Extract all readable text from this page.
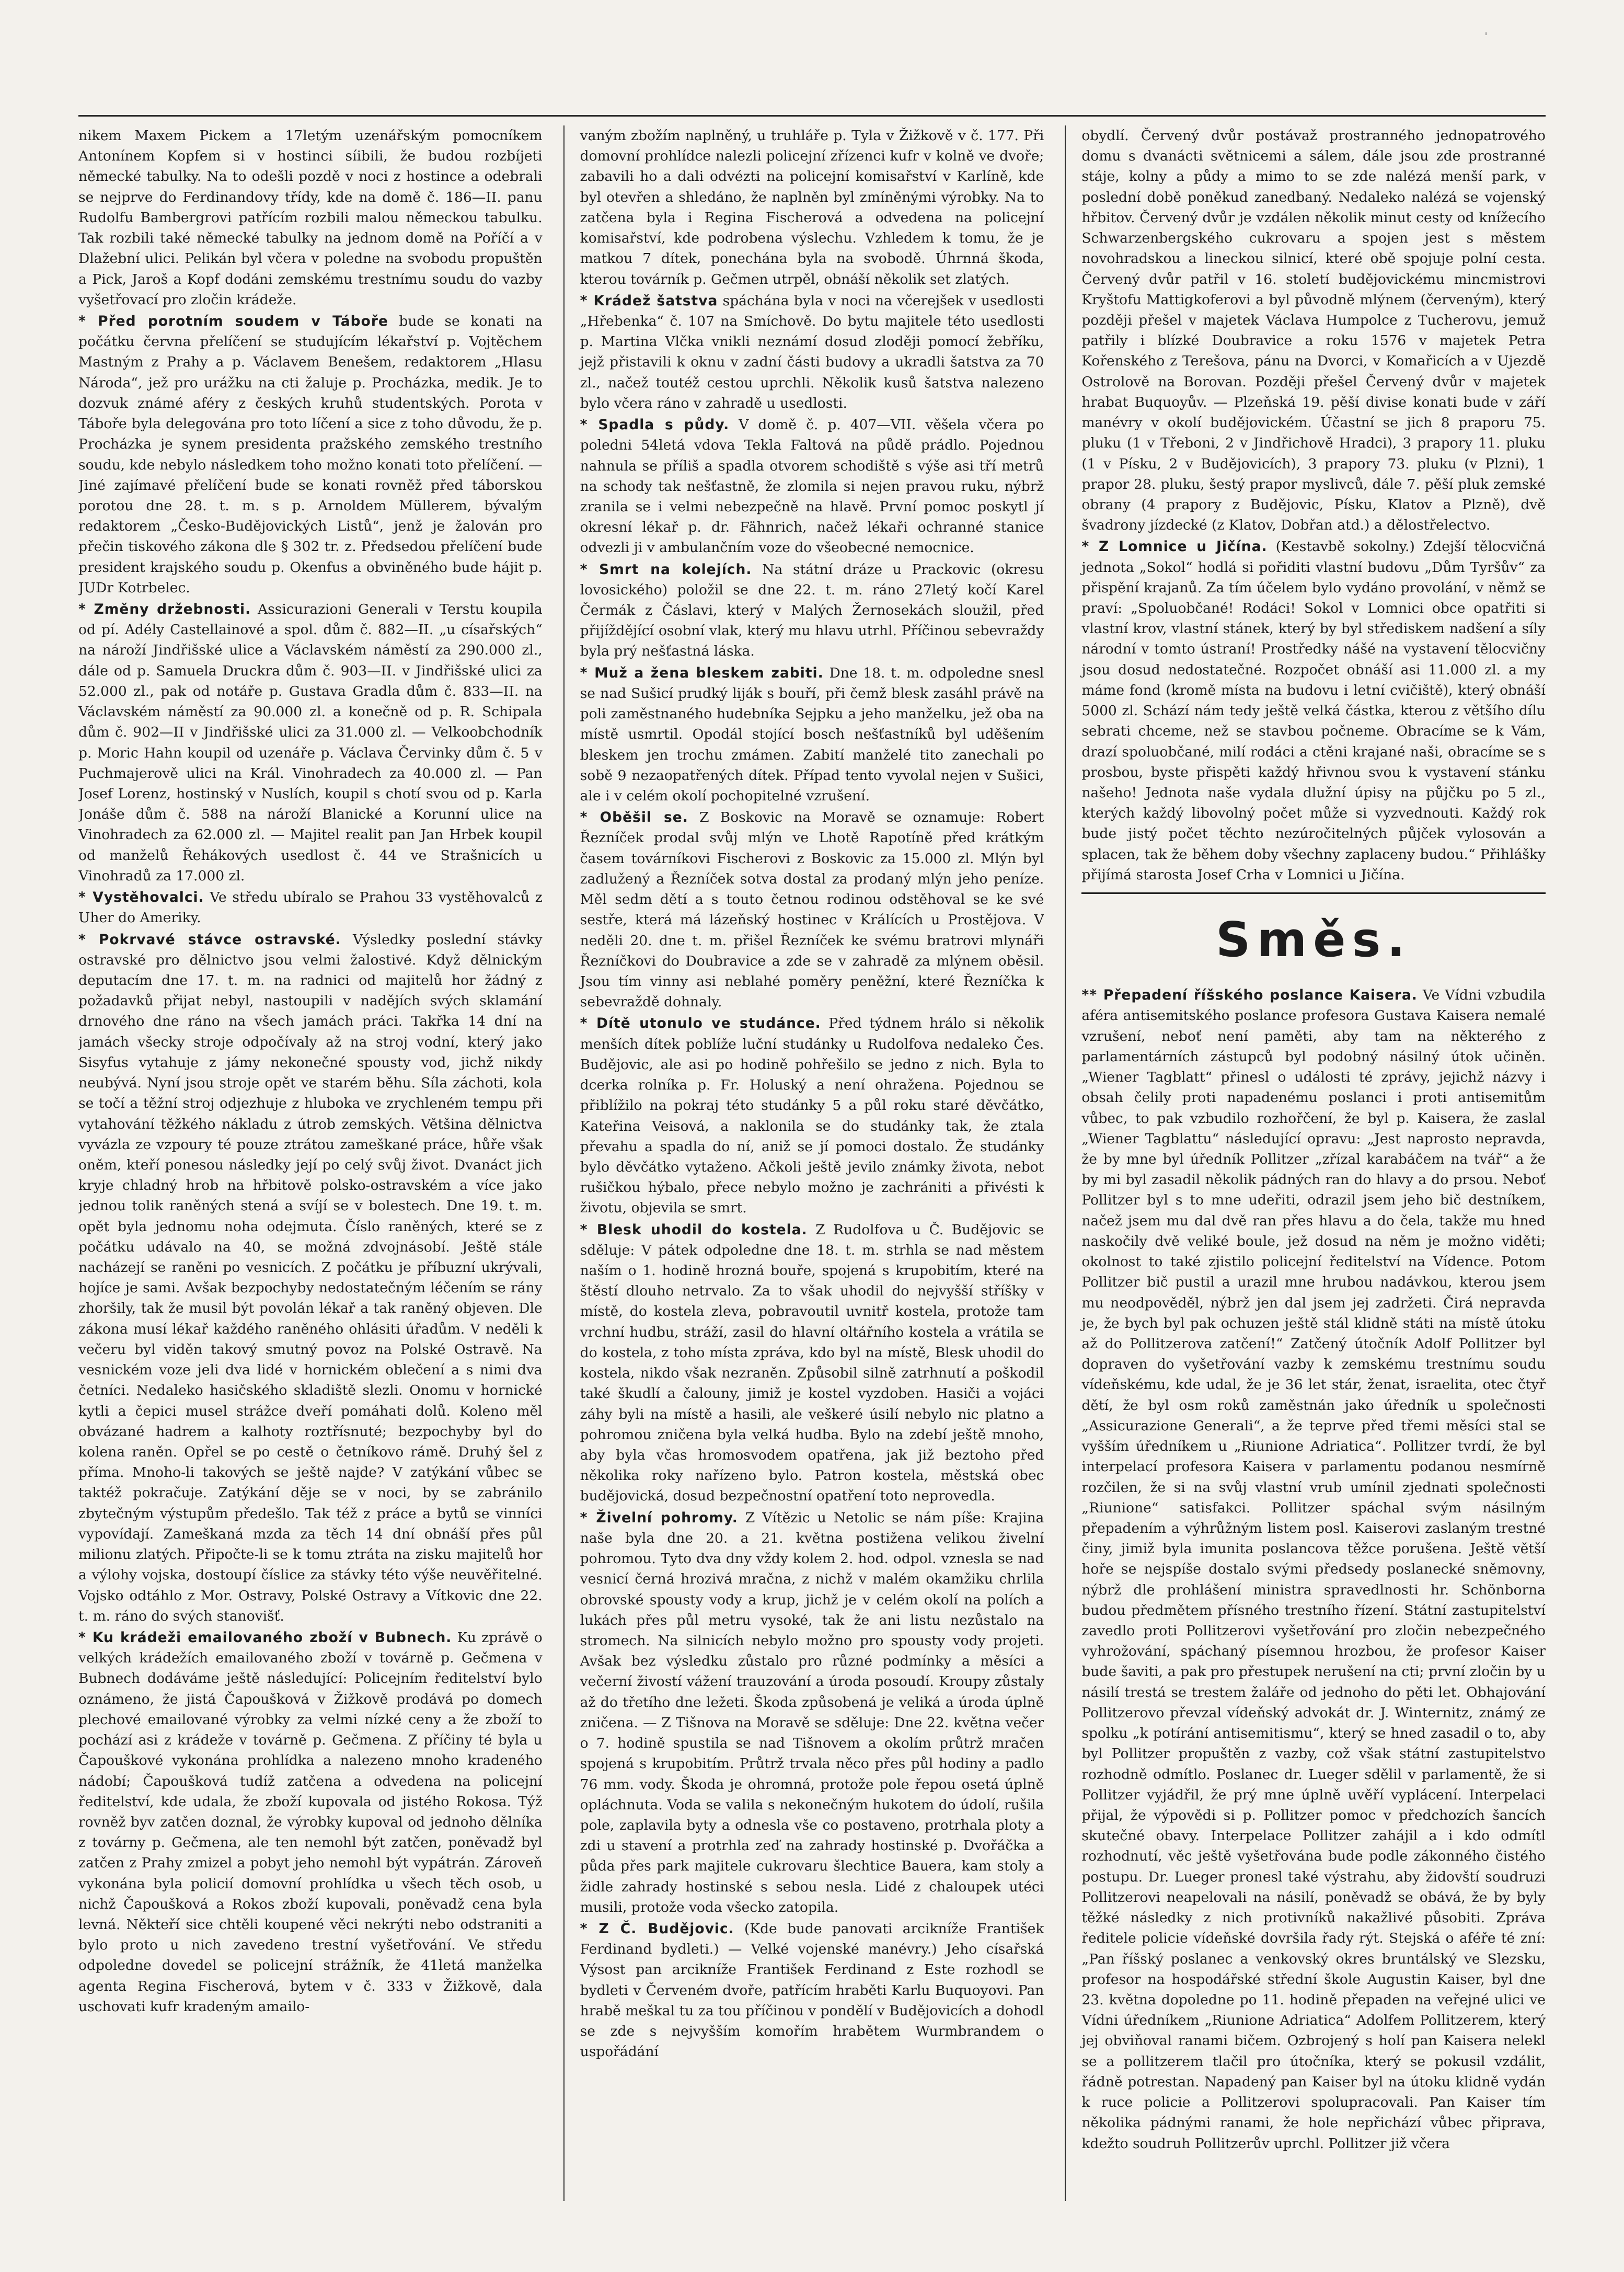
ˈ

nikem Maxem Pickem a 17letým uzenářským pomocníkem Antonínem Kopfem si v hostinci síibili, že budou rozbíjeti německé tabulky. Na to odešli pozdě v noci z hostince a odebrali se nejprve do Ferdinandovy třídy, kde na domě č. 186—II. panu Rudolfu Bambergrovi patřícím rozbili malou německou tabulku. Tak rozbili také německé tabulky na jednom domě na Poříčí a v Dlažební ulici. Pelikán byl včera v poledne na svobodu propuštěn a Pick, Jaroš a Kopf dodáni zemskému trestnímu soudu do vazby vyšetřovací pro zločin krádeže.

* Před porotním soudem v Táboře bude se konati na počátku června přelíčení se studujícím lékařství p. Vojtěchem Mastným z Prahy a p. Václavem Benešem, redaktorem „Hlasu Národa“, jež pro urážku na cti žaluje p. Procházka, medik. Je to dozvuk známé aféry z českých kruhů studentských. Porota v Táboře byla delegována pro toto líčení a sice z toho důvodu, že p. Procházka je synem presidenta pražského zemského trestního soudu, kde nebylo následkem toho možno konati toto přelíčení. — Jiné zajímavé přelíčení bude se konati rovněž před táborskou porotou dne 28. t. m. s p. Arnoldem Müllerem, bývalým redaktorem „Česko-Budějovických Listů“, jenž je žalován pro přečin tiskového zákona dle § 302 tr. z. Předsedou přelíčení bude president krajského soudu p. Okenfus a obviněného bude hájit p. JUDr Kotrbelec.

* Změny držebnosti. Assicurazioni Generali v Terstu koupila od pí. Adély Castellainové a spol. dům č. 882—II. „u císařských“ na nároží Jindřišské ulice a Václavském náměstí za 290.000 zl., dále od p. Samuela Druckra dům č. 903—II. v Jindřišské ulici za 52.000 zl., pak od notáře p. Gustava Gradla dům č. 833—II. na Václavském náměstí za 90.000 zl. a konečně od p. R. Schipala dům č. 902—II v Jindřišské ulici za 31.000 zl. — Velkoobchodník p. Moric Hahn koupil od uzenáře p. Václava Červinky dům č. 5 v Puchmajerově ulici na Král. Vinohradech za 40.000 zl. — Pan Josef Lorenz, hostinský v Nuslích, koupil s chotí svou od p. Karla Jonáše dům č. 588 na nároží Blanické a Korunní ulice na Vinohradech za 62.000 zl. — Majitel realit pan Jan Hrbek koupil od manželů Řehákových usedlost č. 44 ve Strašnicích u Vinohradů za 17.000 zl.

* Vystěhovalci. Ve středu ubíralo se Prahou 33 vystěhovalců z Uher do Ameriky.

* Pokrvavé stávce ostravské. Výsledky poslední stávky ostravské pro dělnictvo jsou velmi žalostivé. Když dělnickým deputacím dne 17. t. m. na radnici od majitelů hor žádný z požadavků přijat nebyl, nastoupili v nadějích svých sklamání drnového dne ráno na všech jamách práci. Takřka 14 dní na jamách všecky stroje odpočívaly až na stroj vodní, který jako Sisyfus vytahuje z jámy nekonečné spousty vod, jichž nikdy neubývá. Nyní jsou stroje opět ve starém běhu. Síla záchoti, kola se točí a těžní stroj odjezhuje z hlubokа ve zrychleném tempu při vytahování těžkého nákladu z útrob zemských. Většina dělnictva vyvázla ze vzpoury té pouze ztrátou zameškané práce, hůře však oněm, kteří ponesou následky její po celý svůj život. Dvanáct jich kryje chladný hrob na hřbitově polsko-ostravském a více jako jednou tolik raněných stená a svíjí se v bolestech. Dne 19. t. m. opět byla jednomu noha odejmuta. Číslo raněných, které se z počátku udávalo na 40, se možná zdvojnásobí. Ještě stále nacházejí se raněni po vesnicích. Z počátku je příbuzní ukrývali, hojíce je sami. Avšak bezpochyby nedostatečným léčením se rány zhoršily, tak že musil být povolán lékař a tak raněný objeven. Dle zákona musí lékař každého raněného ohlásiti úřadům. V neděli k večeru byl viděn takový smutný povoz na Polské Ostravě. Na vesnickém voze jeli dva lidé v hornickém oblečení a s nimi dva četníci. Nedaleko hasičského skladiště slezli. Onomu v hornické kytli a čepici musel strážce dveří pomáhati dolů. Koleno měl obvázané hadrem a kalhoty roztřísnuté; bezpochyby byl do kolena raněn. Opřel se po cestě o četníkovo rámě. Druhý šel z příma. Mnoho-li takových se ještě najde? V zatýkání vůbec se taktéž pokračuje. Zatýkání děje se v noci, by se zabránilo zbytečným výstupům předešlo. Tak též z práce a bytů se vinníci vypovídají. Zameškaná mzda za těch 14 dní obnáší přes půl milionu zlatých. Připočte-li se k tomu ztráta na zisku majitelů hor a výlohy vojska, dostoupí číslice za stávky této výše neuvěřitelné. Vojsko odtáhlo z Mor. Ostravy, Polské Ostravy a Vítkovic dne 22. t. m. ráno do svých stanovišť.

* Ku krádeži emailovaného zboží v Bubnech. Ku zprávě o velkých krádežích emailovaného zboží v továrně p. Gečmena v Bubnech dodáváme ještě následující: Policejním ředitelství bylo oznámeno, že jistá Čapoušková v Žižkově prodává po domech plechové emailované výrobky za velmi nízké ceny a že zboží to pochází asi z krádeže v továrně p. Gečmena. Z příčiny té byla u Čapouškové vykonána prohlídka a nalezeno mnoho kradeného nádobí; Čapoušková tudíž zatčena a odvedena na policejní ředitelství, kde udala, že zboží kupovala od jistého Rokosa. Týž rovněž byv zatčen doznal, že výrobky kupoval od jednoho dělníka z továrny p. Gečmena, ale ten nemohl být zatčen, poněvadž byl zatčen z Prahy zmizel a pobyt jeho nemohl být vypátrán. Zároveň vykonána byla policií domovní prohlídka u všech těch osob, u nichž Čapoušková a Rokos zboží kupovali, poněvadž cena byla levná. Někteří sice chtěli koupené věci nekrýti nebo odstraniti a bylo proto u nich zavedeno trestní vyšetřování. Ve středu odpoledne dovedel se policejní strážník, že 41letá manželka agenta Regina Fischerová, bytem v č. 333 v Žižkově, dala uschovati kufr kradeným amailo-

vaným zbožím naplněný, u truhláře p. Tyla v Žižkově v č. 177. Při domovní prohlídce nalezli policejní zřízenci kufr v kolně ve dvoře; zabavili ho a dali odvézti na policejní komisařství v Karlíně, kde byl otevřen a shledáno, že naplněn byl zmíněnými výrobky. Na to zatčena byla i Regina Fischerová a odvedena na policejní komisařství, kde podrobena výslechu. Vzhledem k tomu, že je matkou 7 dítek, ponechána byla na svobodě. Úhrnná škoda, kterou továrník p. Gečmen utrpěl, obnáší několik set zlatých.

* Krádež šatstva spáchána byla v noci na včerejšek v usedlosti „Hřebenka“ č. 107 na Smíchově. Do bytu majitele této usedlosti p. Martina Vlčka vnikli neznámí dosud zloději pomocí žebříku, jejž přistavili k oknu v zadní části budovy a ukradli šatstva za 70 zl., načež toutéž cestou uprchli. Několik kusů šatstva nalezeno bylo včera ráno v zahradě u usedlosti.

* Spadla s půdy. V domě č. p. 407—VII. věšela včera po poledni 54letá vdova Tekla Faltová na půdě prádlo. Pojednou nahnula se příliš a spadla otvorem schodiště s výše asi tří metrů na schody tak nešťastně, že zlomila si nejen pravou ruku, nýbrž zranila se i velmi nebezpečně na hlavě. První pomoc poskytl jí okresní lékař p. dr. Fähnrich, načež lékaři ochranné stanice odvezli ji v ambulančním voze do všeobecné nemocnice.

* Smrt na kolejích. Na státní dráze u Prackovic (okresu lovosického) položil se dne 22. t. m. ráno 27letý kočí Karel Čermák z Čáslavi, který v Malých Žernosekách sloužil, před přijíždějící osobní vlak, který mu hlavu utrhl. Příčinou sebevraždy byla prý nešťastná láska.

* Muž a žena bleskem zabiti. Dne 18. t. m. odpoledne snesl se nad Sušicí prudký liják s bouří, při čemž blesk zasáhl právě na poli zaměstnaného hudebníka Sejpku a jeho manželku, jež oba na místě usmrtil. Opodál stojící bosch nešťastníků byl uděšením bleskem jen trochu zmámen. Zabití manželé tito zanechali po sobě 9 nezaopatřených dítek. Případ tento vyvolal nejen v Sušici, ale i v celém okolí pochopitelné vzrušení.

* Oběšil se. Z Boskovic na Moravě se oznamuje: Robert Řezníček prodal svůj mlýn ve Lhotě Rapotíně před krátkým časem továrníkovi Fischerovi z Boskovic za 15.000 zl. Mlýn byl zadlužený a Řezníček sotva dostal za prodaný mlýn jeho peníze. Měl sedm dětí a s touto četnou rodinou odstěhoval se ke své sestře, která má lázeňský hostinec v Králících u Prostějova. V neděli 20. dne t. m. přišel Řezníček ke svému bratrovi mlynáři Řezníčkovi do Doubravice a zde se v zahradě za mlýnem oběsil. Jsou tím vinny asi neblahé poměry peněžní, které Řezníčka k sebevraždě dohnaly.

* Dítě utonulo ve studánce. Před týdnem hrálo si několik menších dítek poblíže luční studánky u Rudolfova nedaleko Čes. Budějovic, ale asi po hodině pohřešilo se jedno z nich. Byla to dcerka rolníka p. Fr. Holuský a není ohražena. Pojednou se přiblížilo na pokraj této studánky 5 a půl roku staré děvčátko, Kateřina Veisová, a naklonila se do studánky tak, že ztala převahu a spadla do ní, aniž se jí pomoci dostalo. Že studánky bylo děvčátko vytaženo. Ačkoli ještě jevilo známky života, nebot rušičkou hýbalo, přece nebylo možno je zachrániti a přivésti k životu, objevila se smrt.

* Blesk uhodil do kostela. Z Rudolfova u Č. Budějovic se sděluje: V pátek odpoledne dne 18. t. m. strhla se nad městem naším o 1. hodině hrozná bouře, spojená s krupobitím, které na štěstí dlouho netrvalo. Za to však uhodil do nejvyšší stříšky v místě, do kostela zleva, pobravoutil uvnitř kostela, protože tam vrchní hudbu, stráží, zasil do hlavní oltářního kostela a vrátila se do kostela, z toho místa zpráva, kdo byl na místě, Blesk uhodil do kostela, nikdo však nezraněn. Způsobil silně zatrhnutí a poškodil také škudlí a čalouny, jimiž je kostel vyzdoben. Hasiči a vojáci záhy byli na místě a hasili, ale veškeré úsilí nebylo nic platno a pohromou zničena byla velká hudba. Bylo na zdebí ještě mnoho, aby byla včas hromosvodem opatřena, jak již beztoho před několika roky nařízeno bylo. Patron kostela, městská obec budějovická, dosud bezpečnostní opatření toto neprovedla.

* Živelní pohromy. Z Vítězic u Netolic se nám píše: Krajina naše byla dne 20. a 21. května postižena velikou živelní pohromou. Tyto dva dny vždy kolem 2. hod. odpol. vznesla se nad vesnicí černá hrozivá mračna, z nichž v malém okamžiku chrlila obrovské spousty vody a krup, jichž je v celém okolí na polích a lukách přes půl metru vysoké, tak že ani listu nezůstalo na stromech. Na silnicích nebylo možno pro spousty vody projeti. Avšak bez výsledku zůstalo pro různé podmínky a měsíci a večerní živostí vážení trauzování a úroda posoudí. Kroupy zůstaly až do třetího dne ležeti. Škoda způsobená je veliká a úroda úplně zničena. — Z Tišnova na Moravě se sděluje: Dne 22. května večer o 7. hodině spustila se nad Tišnovem a okolím průtrž mračen spojená s krupobitím. Průtrž trvala něco přes půl hodiny a padlo 76 mm. vody. Škoda je ohromná, protože pole řepou osetá úplně opláchnuta. Voda se valila s nekonečným hukotem do údolí, rušila pole, zaplavila byty a odnesla vše co postaveno, protrhala ploty a zdi u stavení a protrhla zeď na zahrady hostinské p. Dvořáčka a půda přes park majitele cukrovaru šlechtice Bauera, kam stoly a židle zahrady hostinské s sebou nesla. Lidé z chaloupek utéci musili, protože voda všecko zatopila.

* Z Č. Budějovic. (Kde bude panovati arcikníže František Ferdinand bydleti.) — Velké vojenské manévry.) Jeho císařská Výsost pan arcikníže František Ferdinand z Este rozhodl se bydleti v Červeném dvoře, patřícím hraběti Karlu Buquoyovi. Pan hrabě meškal tu za tou příčinou v pondělí v Budějovicích a dohodl se zde s nejvyšším komořím hrabětem Wurmbrandem o uspořádání

obydlí. Červený dvůr postávaž prostranného jednopatrového domu s dvanácti světnicemi a sálem, dále jsou zde prostranné stáje, kolny a půdy a mimo to se zde nalézá menší park, v poslední době poněkud zanedbaný. Nedaleko nalézá se vojenský hřbitov. Červený dvůr je vzdálen několik minut cesty od knížecího Schwarzenbergského cukrovaru a spojen jest s městem novohradskou a lineckou silnicí, které obě spojuje polní cesta. Červený dvůr patřil v 16. století budějovickému mincmistrovi Kryštofu Mattigkoferovi a byl původně mlýnem (červeným), který později přešel v majetek Václava Humpolce z Tucherovu, jemuž patřily i blízké Doubravice a roku 1576 v majetek Petra Kořenského z Terešova, pánu na Dvorci, v Komařicích a v Ujezdě Ostrolově na Borovan. Později přešel Červený dvůr v majetek hrabat Buquoyův. — Plzeňská 19. pěší divise konati bude v září manévry v okolí budějovickém. Účastní se jich 8 praporu 75. pluku (1 v Třeboni, 2 v Jindřichově Hradci), 3 prapory 11. pluku (1 v Písku, 2 v Budějovicích), 3 prapory 73. pluku (v Plzni), 1 prapor 28. pluku, šestý prapor myslivců, dále 7. pěší pluk zemské obrany (4 prapory z Budějovic, Písku, Klatov a Plzně), dvě švadrony jízdecké (z Klatov, Dobřan atd.) a dělostřelectvo.

* Z Lomnice u Jičína. (Kestavbě sokolny.) Zdejší tělocvičná jednota „Sokol“ hodlá si pořiditi vlastní budovu „Dům Tyršův“ za přispění krajanů. Za tím účelem bylo vydáno provolání, v němž se praví: „Spoluobčané! Rodáci! Sokol v Lomnici obce opatřiti si vlastní krov, vlastní stánek, který by byl střediskem nadšení a síly národní v tomto ústraní! Prostředky nášé na vystavení tělocvičny jsou dosud nedostatečné. Rozpočet obnáší asi 11.000 zl. a my máme fond (kromě místa na budovu i letní cvičiště), který obnáší 5000 zl. Schází nám tedy ještě velká částka, kterou z většího dílu sebrati chceme, než se stavbou počneme. Obracíme se k Vám, drazí spoluobčané, milí rodáci a ctěni krajané naši, obracíme se s prosbou, byste přispěti každý hřivnou svou k vystavení stánku našeho! Jednota naše vydala dlužní úpisy na půjčku po 5 zl., kterých každý libovolný počet může si vyzvednouti. Každý rok bude jistý počet těchto nezúročitelných půjček vylosován a splacen, tak že během doby všechny zaplaceny budou.“ Přihlášky přijímá starosta Josef Crha v Lomnici u Jičína.

Směs.

** Přepadení říšského poslance Kaisera. Ve Vídni vzbudila aféra antisemitského poslance profesora Gustava Kaisera nemalé vzrušení, neboť není paměti, aby tam na některého z parlamentárních zástupců byl podobný násilný útok učiněn. „Wiener Tagblatt“ přinesl o události té zprávy, jejichž názvy i obsah čelily proti napadenému poslanci i proti antisemitům vůbec, to pak vzbudilo rozhořčení, že byl p. Kaisera, že zaslal „Wiener Tagblattu“ následující opravu: „Jest naprosto nepravda, že by mne byl úředník Pollitzer „zřízal karabáčem na tvář“ a že by mi byl zasadil několik pádných ran do hlavy a do prsou. Neboť Pollitzer byl s to mne udeřiti, odrazil jsem jeho bič destníkem, načež jsem mu dal dvě ran přes hlavu a do čela, takže mu hned naskočily dvě veliké boule, jež dosud na něm je možno viděti; okolnost to také zjistilo policejní ředitelství na Vídence. Potom Pollitzer bič pustil a urazil mne hrubou nadávkou, kterou jsem mu neodpověděl, nýbrž jen dal jsem jej zadržeti. Čirá nepravda je, že bych byl pak ochuzen ještě stál klidně státi na místě útoku až do Pollitzerova zatčení!“ Zatčený útočník Adolf Pollitzer byl dopraven do vyšetřování vazby k zemskému trestnímu soudu vídeňskému, kde udal, že je 36 let stár, ženat, israelita, otec čtyř dětí, že byl osm roků zaměstnán jako úředník u společnosti „Assicurazione Generali“, a že teprve před třemi měsíci stal se vyšším úředníkem u „Riunione Adriatica“. Pollitzer tvrdí, že byl interpelací profesora Kaisera v parlamentu podanou nesmírně rozčilen, že si na svůj vlastní vrub umínil zjednati společnosti „Riunione“ satisfakci. Pollitzer spáchal svým násilným přepadením a výhrůžným listem posl. Kaiserovi zaslaným trestné činy, jimiž byla imunita poslancova těžce porušena. Ještě větší hoře se nejspíše dostalo svými předsedy poslanecké sněmovny, nýbrž dle prohlášení ministra spravedlnosti hr. Schönborna budou předmětem přísného trestního řízení. Státní zastupitelství zavedlo proti Pollitzerovi vyšetřování pro zločin nebezpečného vyhrožování, spáchaný písemnou hrozbou, že profesor Kaiser bude šaviti, a pak pro přestupek nerušení na cti; první zločin by u násilí trestá se trestem žaláře od jednoho do pěti let. Obhajování Pollitzerovo převzal vídeňský advokát dr. J. Winternitz, známý ze spolku „k potírání antisemitismu“, který se hned zasadil o to, aby byl Pollitzer propuštěn z vazby, což však státní zastupitelstvo rozhodně odmítlo. Poslanec dr. Lueger sdělil v parlamentě, že si Pollitzer vyjádřil, že prý mne úplně uvěří vyplácení. Interpelaci přijal, že výpovědi si p. Pollitzer pomoc v předchozích šancích skutečné obavy. Interpelace Pollitzer zahájil a i kdo odmítl rozhodnutí, věc ještě vyšetřována bude podle zákonného čistého postupu. Dr. Lueger pronesl také výstrahu, aby židovští soudruzi Pollitzerovi neapelovali na násilí, poněvadž se obává, že by byly těžké následky z nich protivníků nakažlivé působiti. Zpráva ředitele policie vídeňské dovršila řady rýt. Stejská o aféře té zní: „Pan říšský poslanec a venkovský okres bruntálský ve Slezsku, profesor na hospodářské střední škole Augustin Kaiser, byl dne 23. května dopoledne po 11. hodině přepaden na veřejné ulici ve Vídni úředníkem „Riunione Adriatica“ Adolfem Pollitzerem, který jej obviňoval ranami bičem. Ozbrojený s holí pan Kaisera nelekl se a pollitzerem tlačil pro útočníka, který se pokusil vzdálit, řádně potrestan. Napadený pan Kaiser byl na útoku klidně vydán k ruce policie a Pollitzerovi spolupracovali. Pan Kaiser tím několika pádnými ranami, že hole nepřichází vůbec připrava, kdežto soudruh Pollitzerův uprchl. Pollitzer již včera
